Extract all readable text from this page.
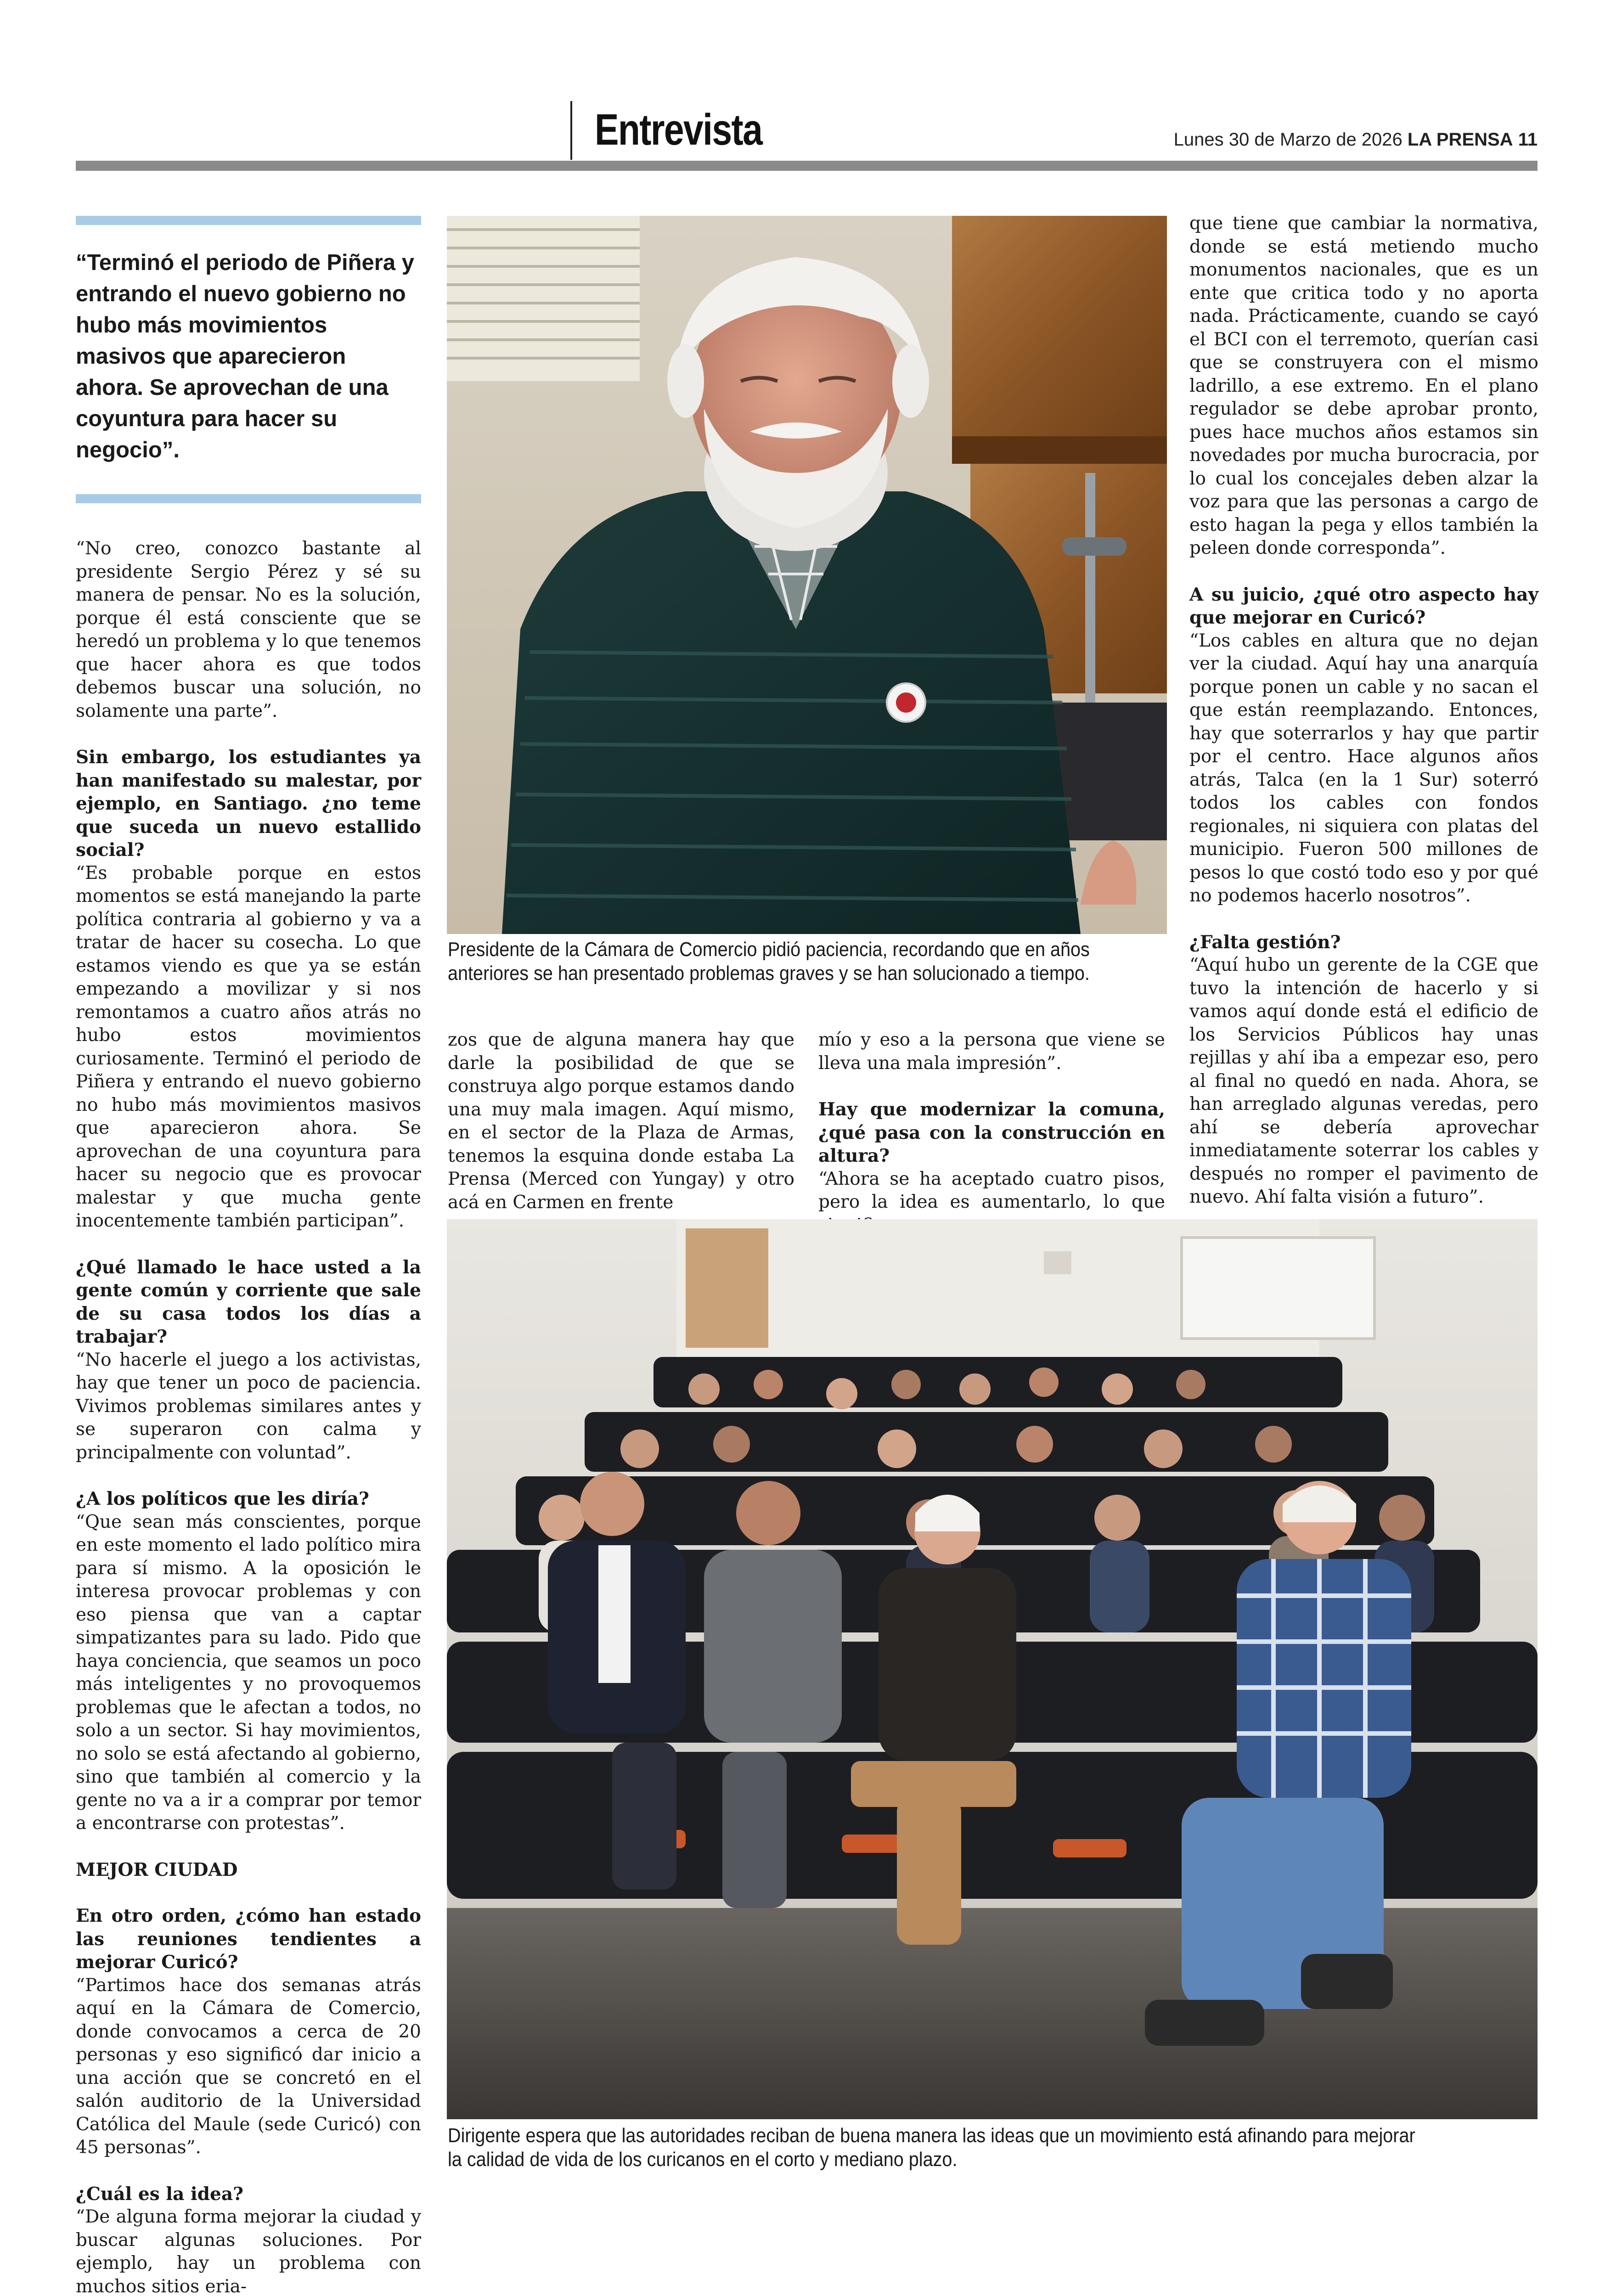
Entrevista	Lunes 30 de Marzo de 2026 LA PRENSA 11
“Terminó el periodo de Piñera y entrando el nuevo gobierno no hubo más movimientos masivos que aparecieron ahora. Se aprovechan de una coyuntura para hacer su negocio”.

“No creo, conozco bastante al presidente Sergio Pérez y sé su manera de pensar. No es la solución, porque él está consciente que se heredó un problema y lo que tenemos que hacer ahora es que todos debemos buscar una solución, no solamente una parte”.

Sin embargo, los estudiantes ya han manifestado su malestar, por ejemplo, en Santiago. ¿no teme que suceda un nuevo estallido social?

“Es probable porque en estos momentos se está manejando la parte política contraria al gobierno y va a tratar de hacer su cosecha. Lo que estamos viendo es que ya se están empezando a movilizar y si nos remontamos a cuatro años atrás no hubo estos movimientos curiosamente. Terminó el periodo de Piñera y entrando el nuevo gobierno no hubo más movimientos masivos que aparecieron ahora. Se aprovechan de una coyuntura para hacer su negocio que es provocar malestar y que mucha gente inocentemente también participan”.

¿Qué llamado le hace usted a la gente común y corriente que sale de su casa todos los días a trabajar?

“No hacerle el juego a los activistas, hay que tener un poco de paciencia. Vivimos problemas similares antes y se superaron con calma y principalmente con voluntad”.

¿A los políticos que les diría?

“Que sean más conscientes, porque en este momento el lado político mira para sí mismo. A la oposición le interesa provocar problemas y con eso piensa que van a captar simpatizantes para su lado. Pido que haya conciencia, que seamos un poco más inteligentes y no provoquemos problemas que le afectan a todos, no solo a un sector. Si hay movimientos, no solo se está afectando al gobierno, sino que también al comercio y la gente no va a ir a comprar por temor a encontrarse con protestas”.

MEJOR CIUDAD

En otro orden, ¿cómo han estado las reuniones tendientes a mejorar Curicó?

“Partimos hace dos semanas atrás aquí en la Cámara de Comercio, donde convocamos a cerca de 20 personas y eso significó dar inicio a una acción que se concretó en el salón auditorio de la Universidad Católica del Maule (sede Curicó) con 45 personas”.

¿Cuál es la idea?

“De alguna forma mejorar la ciudad y buscar algunas soluciones. Por ejemplo, hay un problema con muchos sitios eria-

Presidente de la Cámara de Comercio pidió paciencia, recordando que en años
anteriores se han presentado problemas graves y se han solucionado a tiempo.

zos que de alguna manera hay que darle la posibilidad de que se construya algo porque estamos dando una muy mala imagen. Aquí mismo, en el sector de la Plaza de Armas, tenemos la esquina donde estaba La Prensa (Merced con Yungay) y otro acá en Carmen en frente

mío y eso a la persona que viene se lleva una mala impresión”.

Hay que modernizar la comuna, ¿qué pasa con la construcción en altura?

“Ahora se ha aceptado cuatro pisos, pero la idea es aumentarlo, lo que

que tiene que cambiar la normativa, donde se está metiendo mucho monumentos nacionales, que es un ente que critica todo y no aporta nada. Prácticamente, cuando se cayó el BCI con el terremoto, querían casi que se construyera con el mismo ladrillo, a ese extremo. En el plano regulador se debe aprobar pronto, pues hace muchos años estamos sin novedades por mucha burocracia, por lo cual los concejales deben alzar la voz para que las personas a cargo de esto hagan la pega y ellos también la peleen donde corresponda”.

A su juicio, ¿qué otro aspecto hay que mejorar en Curicó?

“Los cables en altura que no dejan ver la ciudad. Aquí hay una anarquía porque ponen un cable y no sacan el que están reemplazando. Entonces, hay que soterrarlos y hay que partir por el centro. Hace algunos años atrás, Talca (en la 1 Sur) soterró todos los cables con fondos regionales, ni siquiera con platas del municipio. Fueron 500 millones de pesos lo que costó todo eso y por qué no podemos hacerlo nosotros”.

¿Falta gestión?

“Aquí hubo un gerente de la CGE que tuvo la intención de hacerlo y si vamos aquí donde está el edificio de los Servicios Públicos hay unas rejillas y ahí iba a empezar eso, pero al final no quedó en nada. Ahora, se han arreglado algunas veredas, pero ahí se debería aprovechar inmediatamente soterrar los cables y después no romper el pavimento de nuevo. Ahí falta visión a futuro”.

Dirigente espera que las autoridades reciban de buena manera las ideas que un movimiento está afinando para mejorar
la calidad de vida de los curicanos en el corto y mediano plazo.
